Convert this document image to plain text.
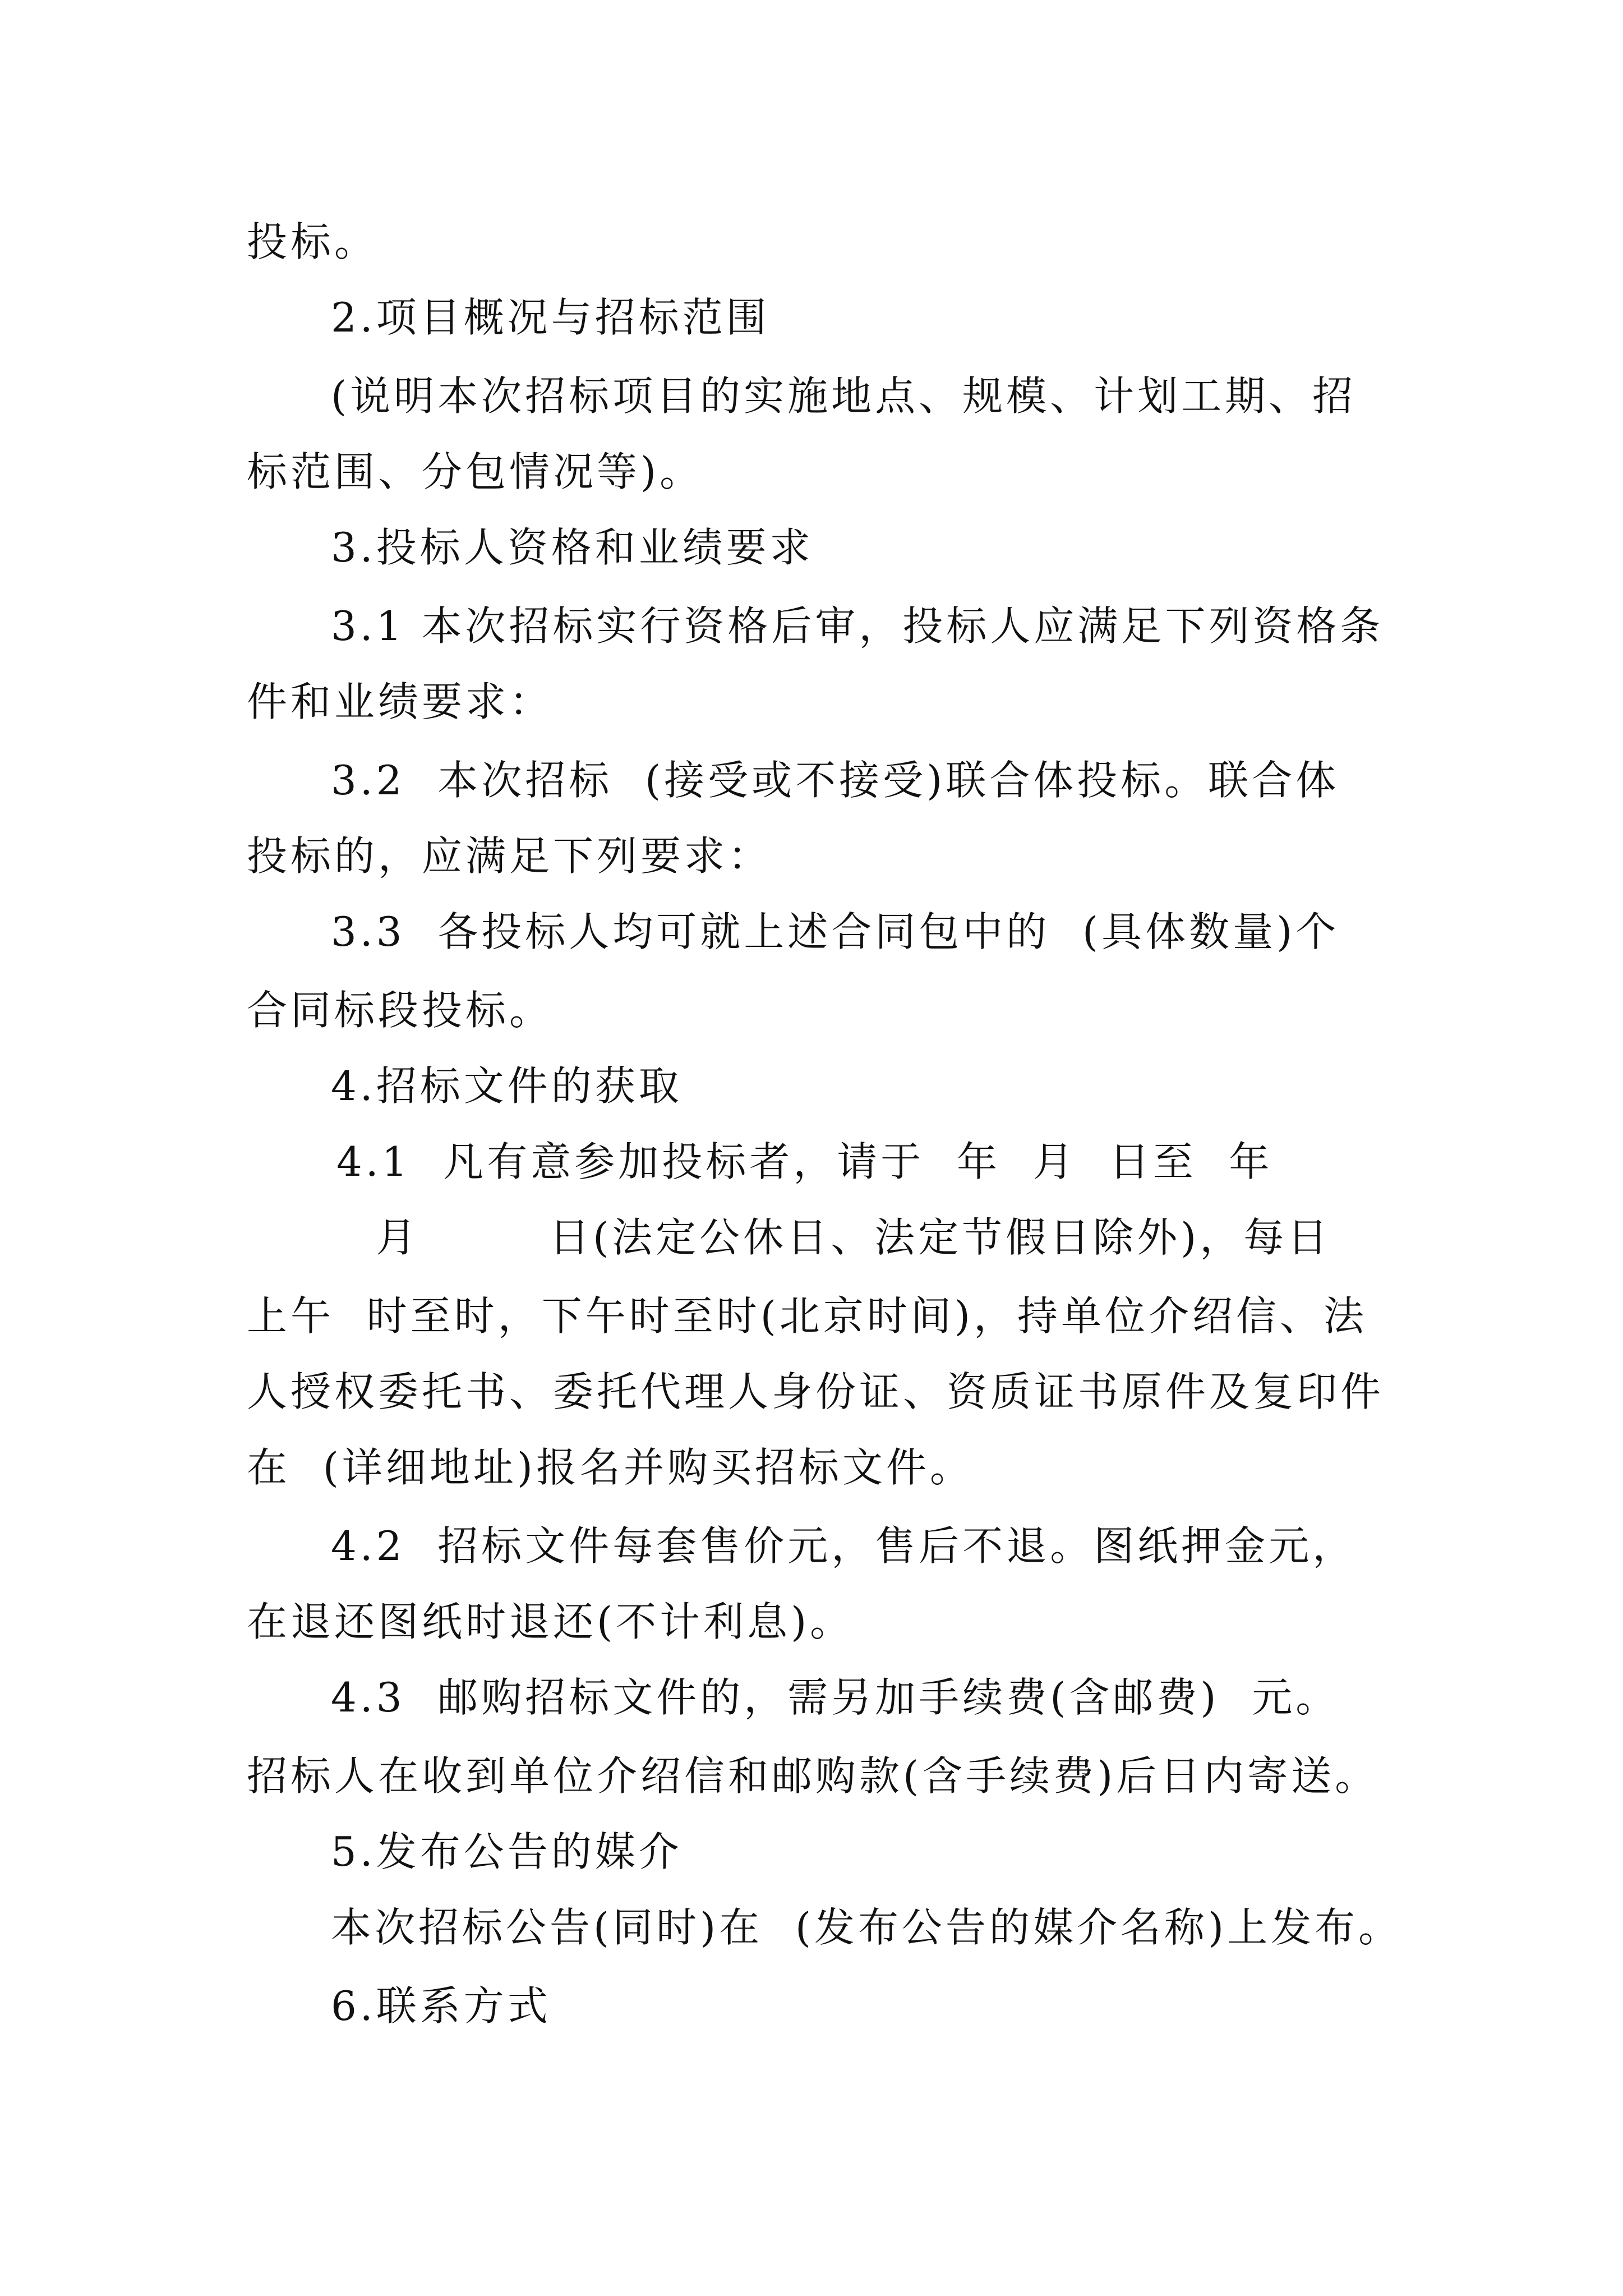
投标。
2.项目概况与招标范围
(说明本次招标项目的实施地点、规模、计划工期、招
标范围、分包情况等)。
3.投标人资格和业绩要求
3.1 本次招标实行资格后审，投标人应满足下列资格条
件和业绩要求：
3.2  本次招标  (接受或不接受)联合体投标。联合体
投标的，应满足下列要求：
3.3  各投标人均可就上述合同包中的  (具体数量)个
合同标段投标。
4.招标文件的获取
4.1  凡有意参加投标者，请于  年  月  日至  年
月        日(法定公休日、法定节假日除外)，每日
上午  时至时，下午时至时(北京时间)，持单位介绍信、法
人授权委托书、委托代理人身份证、资质证书原件及复印件
在  (详细地址)报名并购买招标文件。
4.2  招标文件每套售价元，售后不退。图纸押金元，
在退还图纸时退还(不计利息)。
4.3  邮购招标文件的，需另加手续费(含邮费)  元。
招标人在收到单位介绍信和邮购款(含手续费)后日内寄送。
5.发布公告的媒介
本次招标公告(同时)在  (发布公告的媒介名称)上发布。
6.联系方式
